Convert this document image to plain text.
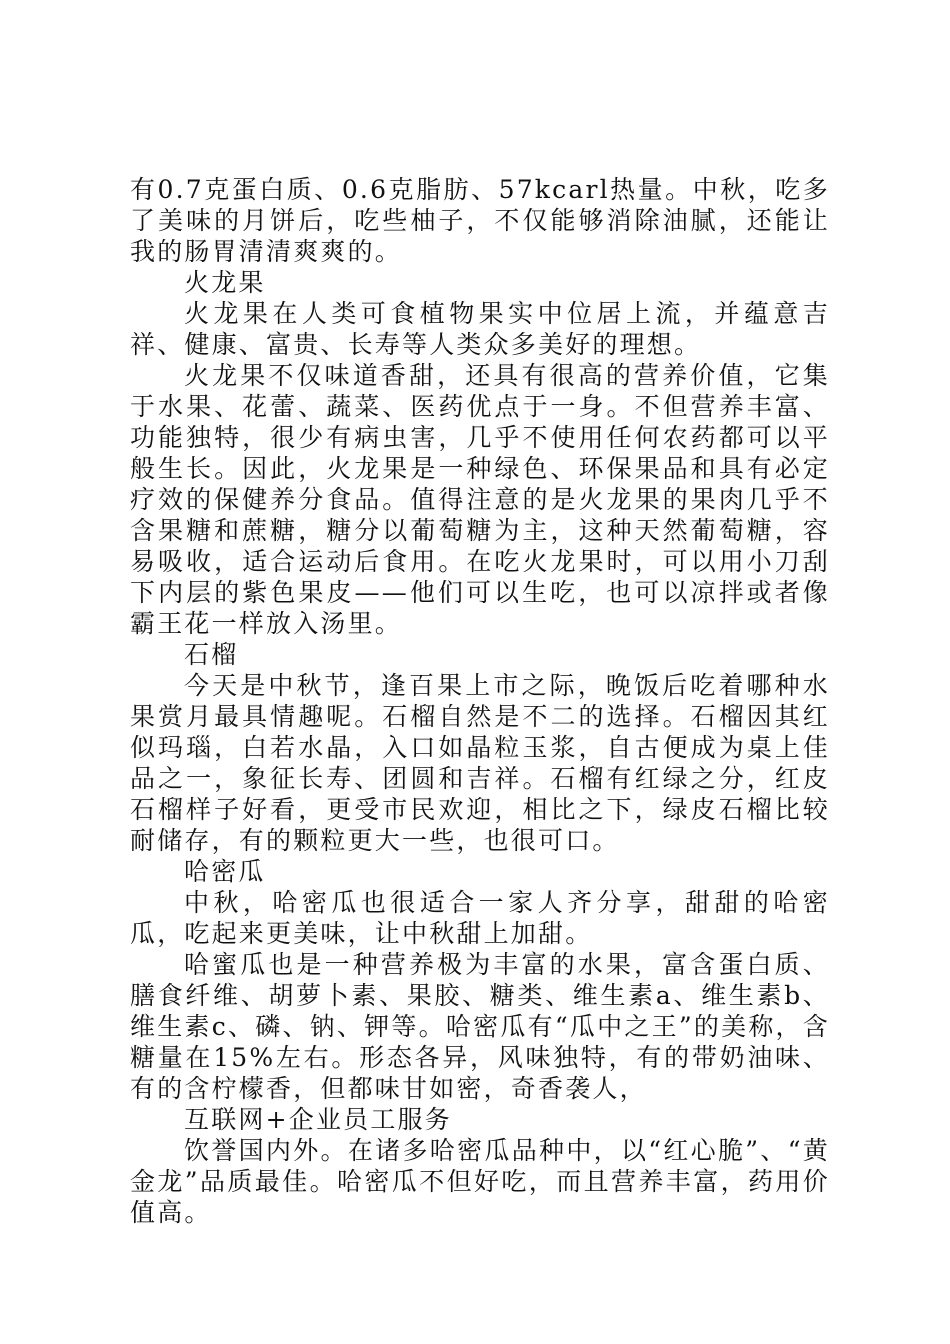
有0.7克蛋白质、0.6克脂肪、57kcarl热量。中秋，吃多了美味的月饼后，吃些柚子，不仅能够消除油腻，还能让我的肠胃清清爽爽的。

火龙果

火龙果在人类可食植物果实中位居上流，并蕴意吉祥、健康、富贵、长寿等人类众多美好的理想。

火龙果不仅味道香甜，还具有很高的营养价值，它集于水果、花蕾、蔬菜、医药优点于一身。不但营养丰富、功能独特，很少有病虫害，几乎不使用任何农药都可以平般生长。因此，火龙果是一种绿色、环保果品和具有必定疗效的保健养分食品。值得注意的是火龙果的果肉几乎不含果糖和蔗糖，糖分以葡萄糖为主，这种天然葡萄糖，容易吸收，适合运动后食用。在吃火龙果时，可以用小刀刮下内层的紫色果皮——他们可以生吃，也可以凉拌或者像霸王花一样放入汤里。

石榴

今天是中秋节，逢百果上市之际，晚饭后吃着哪种水果赏月最具情趣呢。石榴自然是不二的选择。石榴因其红似玛瑙，白若水晶，入口如晶粒玉浆，自古便成为桌上佳品之一，象征长寿、团圆和吉祥。石榴有红绿之分，红皮石榴样子好看，更受市民欢迎，相比之下，绿皮石榴比较耐储存，有的颗粒更大一些，也很可口。

哈密瓜

中秋，哈密瓜也很适合一家人齐分享，甜甜的哈密瓜，吃起来更美味，让中秋甜上加甜。

哈蜜瓜也是一种营养极为丰富的水果，富含蛋白质、膳食纤维、胡萝卜素、果胶、糖类、维生素a、维生素b、维生素c、磷、钠、钾等。哈密瓜有“瓜中之王”的美称，含糖量在15%左右。形态各异，风味独特，有的带奶油味、有的含柠檬香，但都味甘如密，奇香袭人，

互联网+企业员工服务

饮誉国内外。在诸多哈密瓜品种中，以“红心脆”、“黄金龙”品质最佳。哈密瓜不但好吃，而且营养丰富，药用价值高。
